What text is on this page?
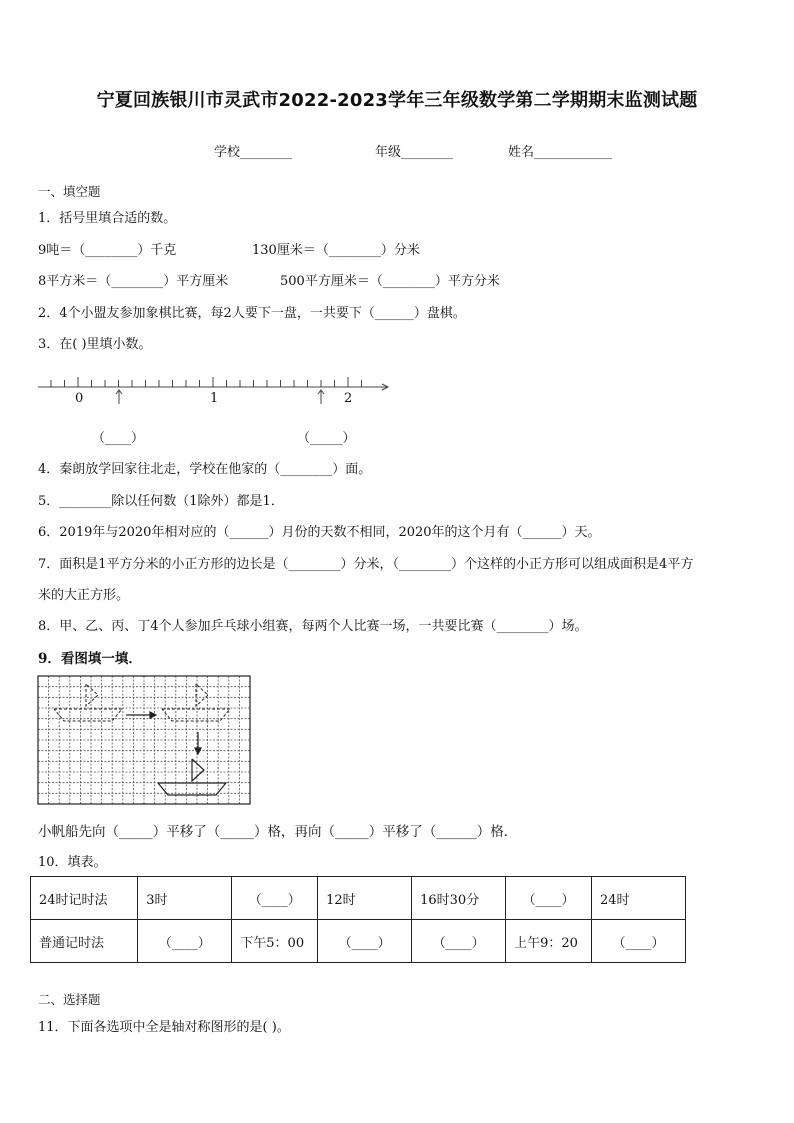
宁夏回族银川市灵武市2022-2023学年三年级数学第二学期期末监测试题
学校________	年级________	姓名____________
一、填空题
1．括号里填合适的数。
9吨＝（________）千克	130厘米＝（________）分米
8平方米＝（________）平方厘米	500平方厘米＝（________）平方分米
2．4个小盟友参加象棋比赛，每2人要下一盘，一共要下（______）盘棋。
3．在( )里填小数。
0	1	2
（____）	（_____）
4．秦朗放学回家往北走，学校在他家的（________）面。
5．________除以任何数（1除外）都是1．
6．2019年与2020年相对应的（______）月份的天数不相同，2020年的这个月有（______）天。
7．面积是1平方分米的小正方形的边长是（________）分米，（________）个这样的小正方形可以组成面积是4平方
米的大正方形。
8．甲、乙、丙、丁4个人参加乒乓球小组赛，每两个人比赛一场，一共要比赛（________）场。
9．看图填一填．
小帆船先向（_____）平移了（_____）格，再向（_____）平移了（______）格．
10．填表。
24时记时法	3时	（____）	12时	16时30分	（____）	24时
普通记时法	（____）	下午5：00	（____）	（____）	上午9：20	（____）
二、选择题
11．下面各选项中全是轴对称图形的是( )。
